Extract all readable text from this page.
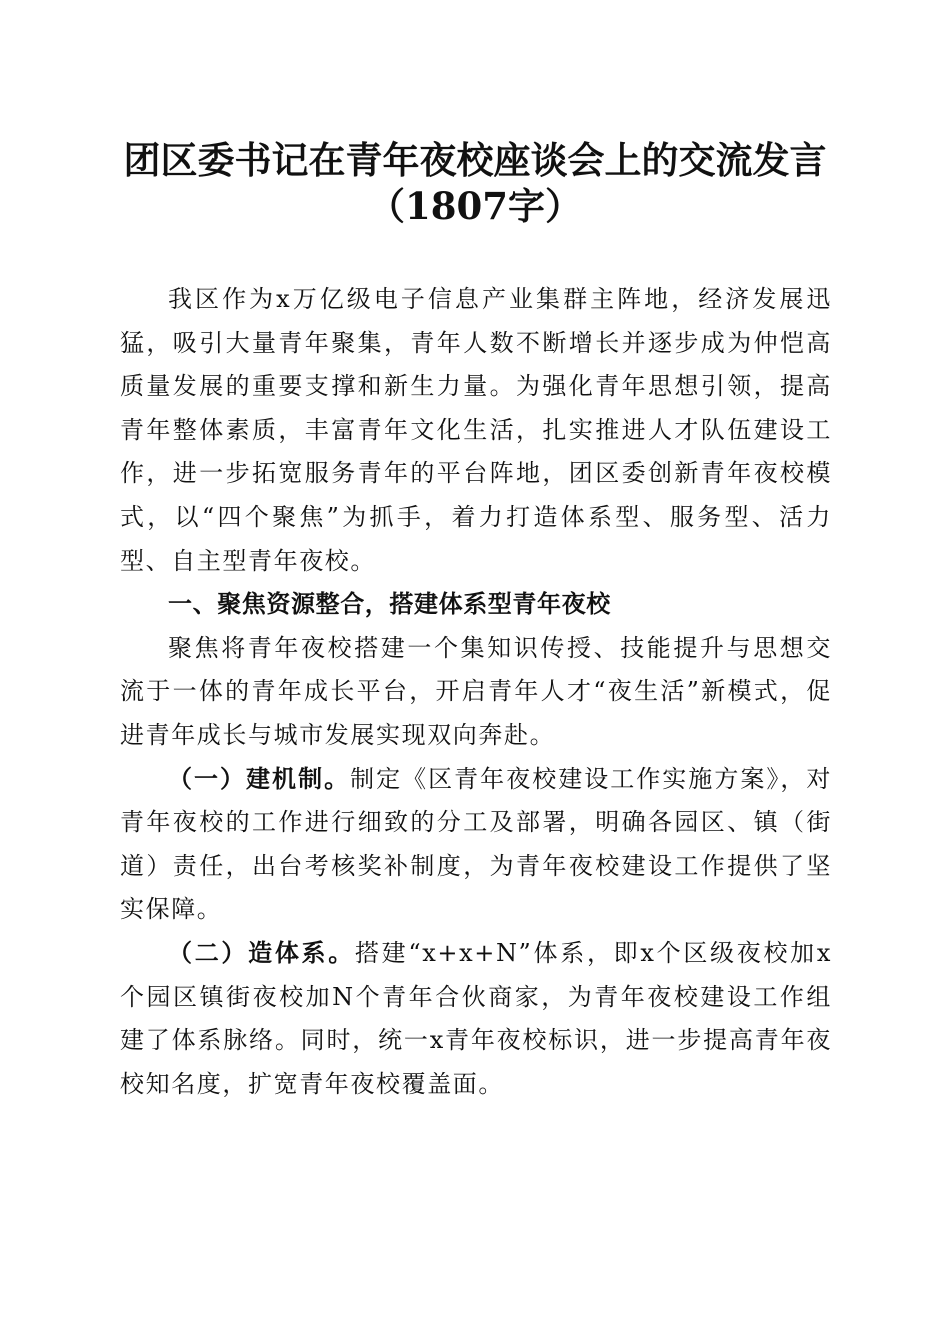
团区委书记在青年夜校座谈会上的交流发言
（1807字）

我区作为x万亿级电子信息产业集群主阵地，经济发展迅猛，吸引大量青年聚集，青年人数不断增长并逐步成为仲恺高质量发展的重要支撑和新生力量。为强化青年思想引领，提高青年整体素质，丰富青年文化生活，扎实推进人才队伍建设工作，进一步拓宽服务青年的平台阵地，团区委创新青年夜校模式，以“四个聚焦”为抓手，着力打造体系型、服务型、活力型、自主型青年夜校。

一、聚焦资源整合，搭建体系型青年夜校

聚焦将青年夜校搭建一个集知识传授、技能提升与思想交流于一体的青年成长平台，开启青年人才“夜生活”新模式，促进青年成长与城市发展实现双向奔赴。

（一）建机制。制定《区青年夜校建设工作实施方案》，对青年夜校的工作进行细致的分工及部署，明确各园区、镇（街道）责任，出台考核奖补制度，为青年夜校建设工作提供了坚实保障。

（二）造体系。搭建“x+x+N”体系，即x个区级夜校加x个园区镇街夜校加N个青年合伙商家，为青年夜校建设工作组建了体系脉络。同时，统一x青年夜校标识，进一步提高青年夜校知名度，扩宽青年夜校覆盖面。
